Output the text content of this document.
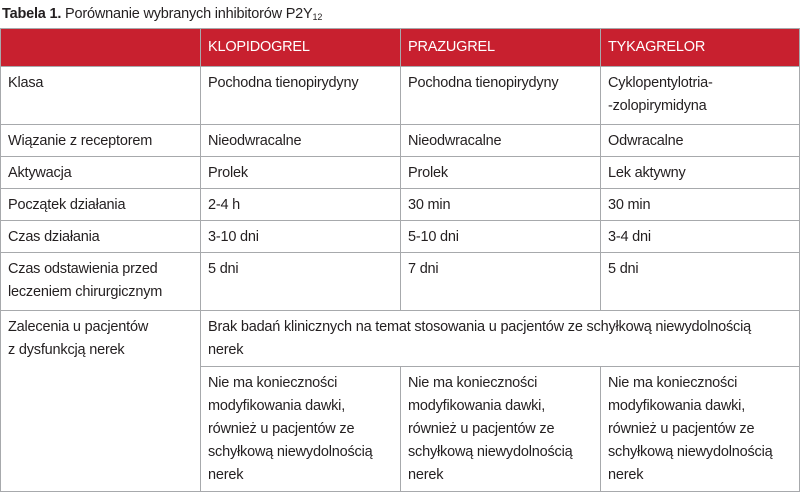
Tabela 1. Porównanie wybranych inhibitorów $P2Y_{12}$
	KLOPIDOGREL	PRAZUGREL	TYKAGRELOR
Klasa	Pochodna tienopirydyny	Pochodna tienopirydyny	Cyklopentylotria-
-zolopirymidyna
Wiązanie z receptorem	Nieodwracalne	Nieodwracalne	Odwracalne
Aktywacja	Prolek	Prolek	Lek aktywny
Początek działania	2-4 h	30 min	30 min
Czas działania	3-10 dni	5-10 dni	3-4 dni
Czas odstawienia przed
leczeniem chirurgicznym	5 dni	7 dni	5 dni
Zalecenia u pacjentów
z dysfunkcją nerek	Brak badań klinicznych na temat stosowania u pacjentów ze schyłkową niewydolnością
nerek		
	Nie ma konieczności
modyfikowania dawki,
również u pacjentów ze
schyłkową niewydolnością
nerek	Nie ma konieczności
modyfikowania dawki,
również u pacjentów ze
schyłkową niewydolnością
nerek	Nie ma konieczności
modyfikowania dawki,
również u pacjentów ze
schyłkową niewydolnością
nerek
